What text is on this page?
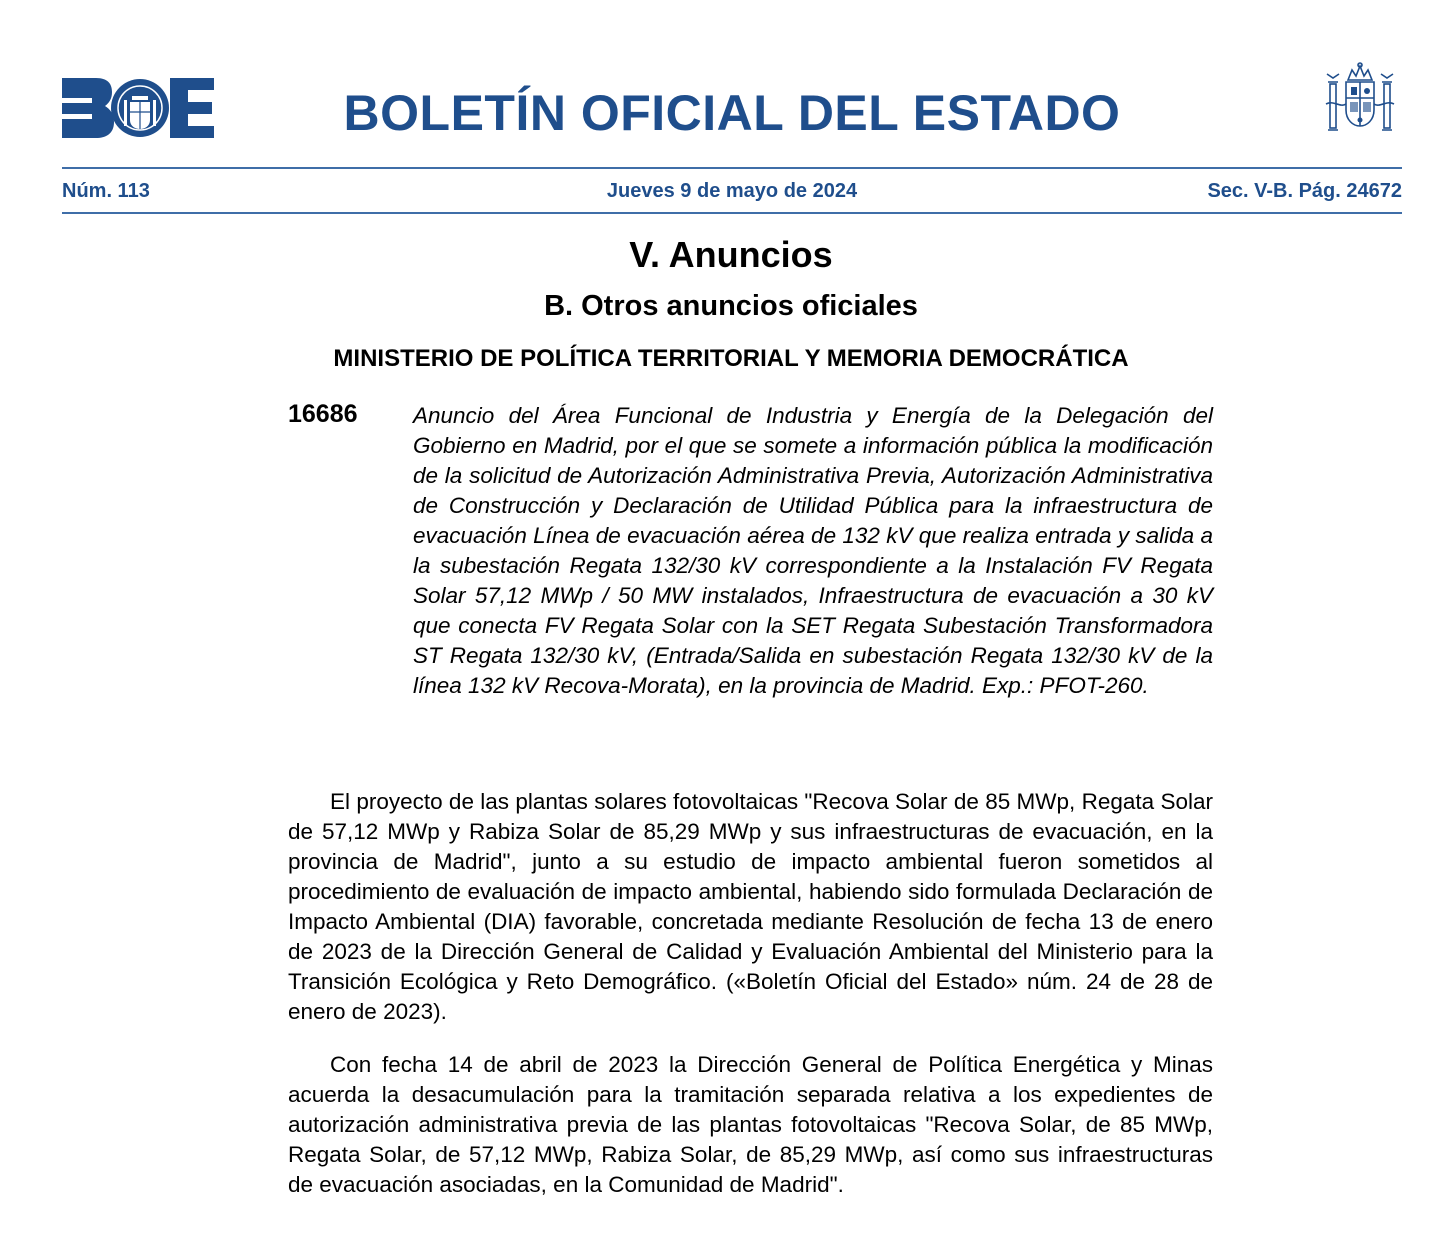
BOLETÍN OFICIAL DEL ESTADO
Jueves 9 de mayo de 2024
Núm. 113	Sec. V-B. Pág. 24672
V. Anuncios
B. Otros anuncios oficiales
MINISTERIO DE POLÍTICA TERRITORIAL Y MEMORIA DEMOCRÁTICA
16686 Anuncio del Área Funcional de Industria y Energía de la Delegación del Gobierno en Madrid, por el que se somete a información pública la modificación de la solicitud de Autorización Administrativa Previa, Autorización Administrativa de Construcción y Declaración de Utilidad Pública para la infraestructura de evacuación Línea de evacuación aérea de 132 kV que realiza entrada y salida a la subestación Regata 132/30 kV correspondiente a la Instalación FV Regata Solar 57,12 MWp / 50 MW instalados, Infraestructura de evacuación a 30 kV que conecta FV Regata Solar con la SET Regata Subestación Transformadora ST Regata 132/30 kV, (Entrada/Salida en subestación Regata 132/30 kV de la línea 132 kV Recova-Morata), en la provincia de Madrid. Exp.: PFOT-260.

El proyecto de las plantas solares fotovoltaicas "Recova Solar de 85 MWp, Regata Solar de 57,12 MWp y Rabiza Solar de 85,29 MWp y sus infraestructuras de evacuación, en la provincia de Madrid", junto a su estudio de impacto ambiental fueron sometidos al procedimiento de evaluación de impacto ambiental, habiendo sido formulada Declaración de Impacto Ambiental (DIA) favorable, concretada mediante Resolución de fecha 13 de enero de 2023 de la Dirección General de Calidad y Evaluación Ambiental del Ministerio para la Transición Ecológica y Reto Demográfico. («Boletín Oficial del Estado» núm. 24 de 28 de enero de 2023).

Con fecha 14 de abril de 2023 la Dirección General de Política Energética y Minas acuerda la desacumulación para la tramitación separada relativa a los expedientes de autorización administrativa previa de las plantas fotovoltaicas "Recova Solar, de 85 MWp, Regata Solar, de 57,12 MWp, Rabiza Solar, de 85,29 MWp, así como sus infraestructuras de evacuación asociadas, en la Comunidad de Madrid".
